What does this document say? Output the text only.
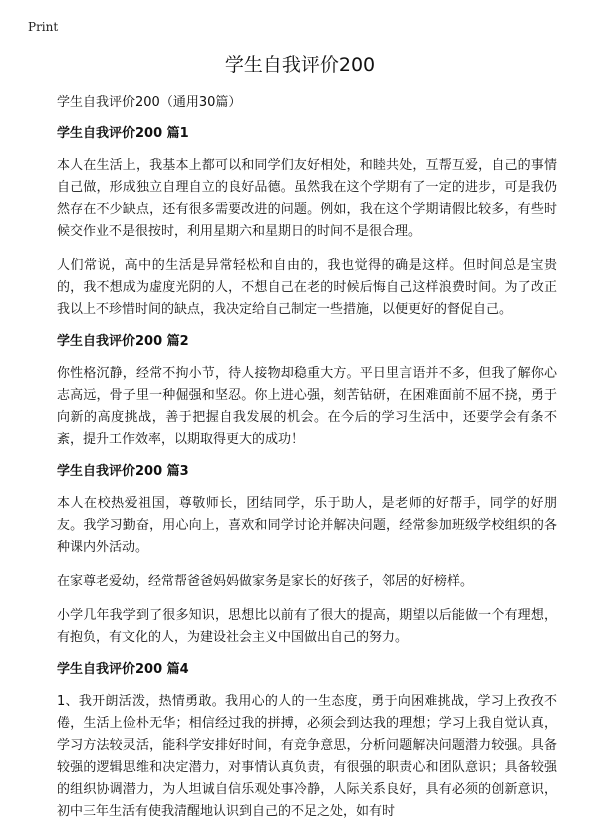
Print
学生自我评价200

学生自我评价200（通用30篇）

学生自我评价200 篇1

本人在生活上，我基本上都可以和同学们友好相处，和睦共处，互帮互爱，自己的事情自己做，形成独立自理自立的良好品德。虽然我在这个学期有了一定的进步，可是我仍然存在不少缺点，还有很多需要改进的问题。例如，我在这个学期请假比较多，有些时候交作业不是很按时，利用星期六和星期日的时间不是很合理。

人们常说，高中的生活是异常轻松和自由的，我也觉得的确是这样。但时间总是宝贵的，我不想成为虚度光阴的人，不想自己在老的时候后悔自己这样浪费时间。为了改正我以上不珍惜时间的缺点，我决定给自己制定一些措施，以便更好的督促自己。

学生自我评价200 篇2

你性格沉静，经常不拘小节，待人接物却稳重大方。平日里言语并不多，但我了解你心志高远，骨子里一种倔强和坚忍。你上进心强，刻苦钻研，在困难面前不屈不挠，勇于向新的高度挑战，善于把握自我发展的机会。在今后的学习生活中，还要学会有条不紊，提升工作效率，以期取得更大的成功！

学生自我评价200 篇3

本人在校热爱祖国，尊敬师长，团结同学，乐于助人，是老师的好帮手，同学的好朋友。我学习勤奋，用心向上，喜欢和同学讨论并解决问题，经常参加班级学校组织的各种课内外活动。

在家尊老爱幼，经常帮爸爸妈妈做家务是家长的好孩子，邻居的好榜样。

小学几年我学到了很多知识，思想比以前有了很大的提高，期望以后能做一个有理想，有抱负，有文化的人，为建设社会主义中国做出自己的努力。

学生自我评价200 篇4

1、我开朗活泼，热情勇敢。我用心的人的一生态度，勇于向困难挑战，学习上孜孜不倦，生活上俭朴无华；相信经过我的拼搏，必须会到达我的理想；学习上我自觉认真，学习方法较灵活，能科学安排好时间，有竞争意思，分析问题解决问题潜力较强。具备较强的逻辑思维和决定潜力，对事情认真负责，有很强的职责心和团队意识；具备较强的组织协调潜力，为人坦诚自信乐观处事冷静，人际关系良好，具有必须的创新意识，初中三年生活有使我清醒地认识到自己的不足之处，如有时
